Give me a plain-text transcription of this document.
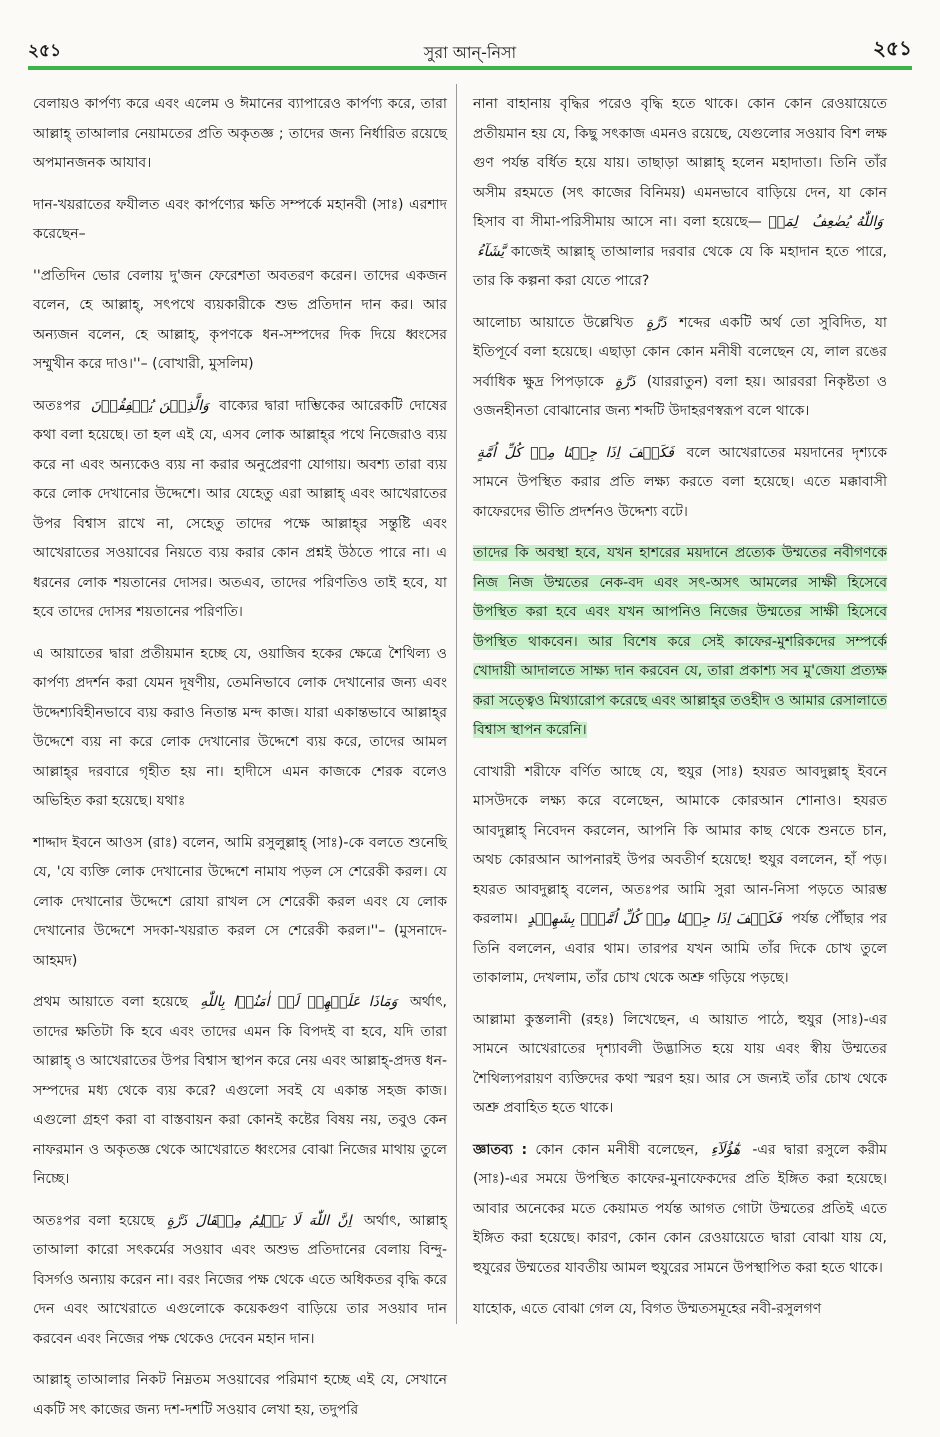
২৫১	সুরা আন্‌-নিসা	২৫১

বেলায়ও কার্পণ্য করে এবং এলেম ও ঈমানের ব্যাপারেও কার্পণ্য করে, তারা আল্লাহ্‌ তাআলার নেয়ামতের প্রতি অকৃতজ্ঞ ; তাদের জন্য নির্ধারিত রয়েছে অপমানজনক আযাব।

দান-খয়রাতের ফযীলত এবং কার্পণ্যের ক্ষতি সম্পর্কে মহানবী (সাঃ) এরশাদ করেছেন–

''প্রতিদিন ভোর বেলায় দু'জন ফেরেশতা অবতরণ করেন। তাদের একজন বলেন, হে আল্লাহ্‌, সৎপথে ব্যয়কারীকে শুভ প্রতিদান দান কর। আর অন্যজন বলেন, হে আল্লাহ্‌, কৃপণকে ধন-সম্পদের দিক দিয়ে ধ্বংসের সম্মুখীন করে দাও।''– (বোখারী, মুসলিম)

অতঃপর وَالَّذِيۡنَ يُنۡفِقُوۡنَ বাক্যের দ্বারা দাম্ভিকের আরেকটি দোষের কথা বলা হয়েছে। তা হল এই যে, এসব লোক আল্লাহ্‌র পথে নিজেরাও ব্যয় করে না এবং অন্যকেও ব্যয় না করার অনুপ্রেরণা যোগায়। অবশ্য তারা ব্যয় করে লোক দেখানোর উদ্দেশে। আর যেহেতু এরা আল্লাহ্‌ এবং আখেরাতের উপর বিশ্বাস রাখে না, সেহেতু তাদের পক্ষে আল্লাহ্‌র সন্তুষ্টি এবং আখেরাতের সওয়াবের নিয়তে ব্যয় করার কোন প্রশ্নই উঠতে পারে না। এ ধরনের লোক শয়তানের দোসর। অতএব, তাদের পরিণতিও তাই হবে, যা হবে তাদের দোসর শয়তানের পরিণতি।

এ আয়াতের দ্বারা প্রতীয়মান হচ্ছে যে, ওয়াজিব হকের ক্ষেত্রে শৈথিল্য ও কার্পণ্য প্রদর্শন করা যেমন দূষণীয়, তেমনিভাবে লোক দেখানোর জন্য এবং উদ্দেশ্যবিহীনভাবে ব্যয় করাও নিতান্ত মন্দ কাজ। যারা একান্তভাবে আল্লাহ্‌র উদ্দেশে ব্যয় না করে লোক দেখানোর উদ্দেশে ব্যয় করে, তাদের আমল আল্লাহ্‌র দরবারে গৃহীত হয় না। হাদীসে এমন কাজকে শেরক বলেও অভিহিত করা হয়েছে। যথাঃ

শাদ্দাদ ইবনে আওস (রাঃ) বলেন, আমি রসুলুল্লাহ্‌ (সাঃ)-কে বলতে শুনেছি যে, 'যে ব্যক্তি লোক দেখানোর উদ্দেশে নামায পড়ল সে শেরেকী করল। যে লোক দেখানোর উদ্দেশে রোযা রাখল সে শেরেকী করল এবং যে লোক দেখানোর উদ্দেশে সদকা-খয়রাত করল সে শেরেকী করল।''– (মুসনাদে-আহমদ)

প্রথম আয়াতে বলা হয়েছে وَمَاذَا عَلَيۡهِمۡ لَوۡ اٰمَنُوۡا بِاللّٰهِ অর্থাৎ, তাদের ক্ষতিটা কি হবে এবং তাদের এমন কি বিপদই বা হবে, যদি তারা আল্লাহ্‌ ও আখেরাতের উপর বিশ্বাস স্থাপন করে নেয় এবং আল্লাহ্‌-প্রদত্ত ধন-সম্পদের মধ্য থেকে ব্যয় করে? এগুলো সবই যে একান্ত সহজ কাজ। এগুলো গ্রহণ করা বা বাস্তবায়ন করা কোনই কষ্টের বিষয় নয়, তবুও কেন নাফরমান ও অকৃতজ্ঞ থেকে আখেরাতে ধ্বংসের বোঝা নিজের মাথায় তুলে নিচ্ছে।

অতঃপর বলা হয়েছে اِنَّ اللّٰهَ لَا يَظۡلِمُ مِثۡقَالَ ذَرَّةٍ অর্থাৎ, আল্লাহ্‌ তাআলা কারো সৎকর্মের সওয়াব এবং অশুভ প্রতিদানের বেলায় বিন্দু-বিসর্গও অন্যায় করেন না। বরং নিজের পক্ষ থেকে এতে অধিকতর বৃদ্ধি করে দেন এবং আখেরাতে এগুলোকে কয়েকগুণ বাড়িয়ে তার সওয়াব দান করবেন এবং নিজের পক্ষ থেকেও দেবেন মহান দান।

আল্লাহ্‌ তাআলার নিকট নিম্নতম সওয়াবের পরিমাণ হচ্ছে এই যে, সেখানে একটি সৎ কাজের জন্য দশ-দশটি সওয়াব লেখা হয়, তদুপরি

নানা বাহানায় বৃদ্ধির পরেও বৃদ্ধি হতে থাকে। কোন কোন রেওয়ায়েতে প্রতীয়মান হয় যে, কিছু সৎকাজ এমনও রয়েছে, যেগুলোর সওয়াব বিশ লক্ষ গুণ পর্যন্ত বর্ধিত হয়ে যায়। তাছাড়া আল্লাহ্‌ হলেন মহাদাতা। তিনি তাঁর অসীম রহমতে (সৎ কাজের বিনিময়) এমনভাবে বাড়িয়ে দেন, যা কোন হিসাব বা সীমা-পরিসীমায় আসে না। বলা হয়েছে—	وَاللّٰهُ يُضٰعِفُ لِمَنۡ يَّشَآءُ কাজেই আল্লাহ্‌ তাআলার দরবার থেকে যে কি মহাদান হতে পারে, তার কি কল্পনা করা যেতে পারে?

আলোচ্য আয়াতে উল্লেখিত ذَرَّةٍ শব্দের একটি অর্থ তো সুবিদিত, যা ইতিপূর্বে বলা হয়েছে। এছাড়া কোন কোন মনীষী বলেছেন যে, লাল রঙের সর্বাধিক ক্ষুদ্র পিপড়াকে ذَرَّةٍ (যাররাতুন) বলা হয়। আরবরা নিকৃষ্টতা ও ওজনহীনতা বোঝানোর জন্য শব্দটি উদাহরণস্বরূপ বলে থাকে।

فَكَيۡفَ اِذَا جِئۡنَا مِنۡ كُلِّ اُمَّةٍ বলে আখেরাতের ময়দানের দৃশ্যকে সামনে উপস্থিত করার প্রতি লক্ষ্য করতে বলা হয়েছে। এতে মক্কাবাসী কাফেরদের ভীতি প্রদর্শনও উদ্দেশ্য বটে।

তাদের কি অবস্থা হবে, যখন হাশরের ময়দানে প্রত্যেক উম্মতের নবীগণকে নিজ নিজ উম্মতের নেক-বদ এবং সৎ-অসৎ আমলের সাক্ষী হিসেবে উপস্থিত করা হবে এবং যখন আপনিও নিজের উম্মতের সাক্ষী হিসেবে উপস্থিত থাকবেন। আর বিশেষ করে সেই কাফের-মুশরিকদের সম্পর্কে খোদায়ী আদালতে সাক্ষ্য দান করবেন যে, তারা প্রকাশ্য সব মু'জেযা প্রত্যক্ষ করা সত্ত্বেও মিথ্যারোপ করেছে এবং আল্লাহ্‌র তওহীদ ও আমার রেসালাতে বিশ্বাস স্থাপন করেনি।

বোখারী শরীফে বর্ণিত আছে যে, হুযুর (সাঃ) হযরত আবদুল্লাহ্‌ ইবনে মাসউদকে লক্ষ্য করে বলেছেন, আমাকে কোরআন শোনাও। হযরত আবদুল্লাহ্‌ নিবেদন করলেন, আপনি কি আমার কাছ থেকে শুনতে চান, অথচ কোরআন আপনারই উপর অবতীর্ণ হয়েছে! হুযুর বললেন, হাঁ পড়। হযরত আবদুল্লাহ্‌ বলেন, অতঃপর আমি সুরা আন-নিসা পড়তে আরম্ভ করলাম। فَكَيۡفَ اِذَا جِئۡنَا مِنۡ كُلِّ اُمَّةٍۭ بِشَهِيۡدٍ পর্যন্ত পৌঁছার পর তিনি বললেন, এবার থাম। তারপর যখন আমি তাঁর দিকে চোখ তুলে তাকালাম, দেখলাম, তাঁর চোখ থেকে অশ্রু গড়িয়ে পড়ছে।

আল্লামা কুস্তলানী (রহঃ) লিখেছেন, এ আয়াত পাঠে, হুযুর (সাঃ)-এর সামনে আখেরাতের দৃশ্যাবলী উদ্ভাসিত হয়ে যায় এবং স্বীয় উম্মতের শৈথিল্যপরায়ণ ব্যক্তিদের কথা স্মরণ হয়। আর সে জন্যই তাঁর চোখ থেকে অশ্রু প্রবাহিত হতে থাকে।

জ্ঞাতব্য : কোন কোন মনীষী বলেছেন, هٰٓؤُلَآءِ -এর দ্বারা রসুলে করীম (সাঃ)-এর সময়ে উপস্থিত কাফের-মুনাফেকদের প্রতি ইঙ্গিত করা হয়েছে। আবার অনেকের মতে কেয়ামত পর্যন্ত আগত গোটা উম্মতের প্রতিই এতে ইঙ্গিত করা হয়েছে। কারণ, কোন কোন রেওয়ায়েতে দ্বারা বোঝা যায় যে, হুযুরের উম্মতের যাবতীয় আমল হুযুরের সামনে উপস্থাপিত করা হতে থাকে।

যাহোক, এতে বোঝা গেল যে, বিগত উম্মতসমূহের নবী-রসুলগণ
